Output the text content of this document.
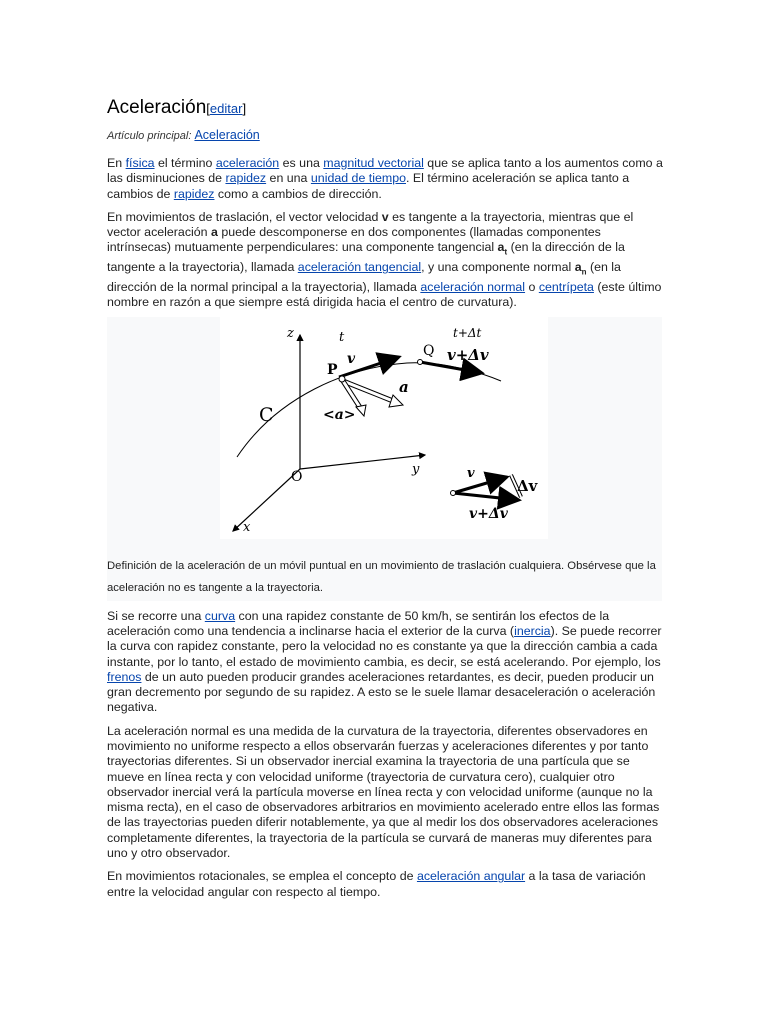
Aceleración[editar]
Artículo principal: Aceleración

En física el término aceleración es una magnitud vectorial que se aplica tanto a los aumentos como a las disminuciones de rapidez en una unidad de tiempo. El término aceleración se aplica tanto a cambios de rapidez como a cambios de dirección.

En movimientos de traslación, el vector velocidad v es tangente a la trayectoria, mientras que el vector aceleración a puede descomponerse en dos componentes (llamadas componentes intrínsecas) mutuamente perpendiculares: una componente tangencial $a_t$ (en la dirección de la tangente a la trayectoria), llamada aceleración tangencial, y una componente normal $a_n$ (en la dirección de la normal principal a la trayectoria), llamada aceleración normal o centrípeta (este último nombre en razón a que siempre está dirigida hacia el centro de curvatura).

z	t	t+Δt
P
Q
v	v+Δv
a
<a>
C
O	y
x
v
Δv
v+Δv
Definición de la aceleración de un móvil puntual en un movimiento de traslación cualquiera. Obsérvese que la aceleración no es tangente a la trayectoria.

Si se recorre una curva con una rapidez constante de 50 km/h, se sentirán los efectos de la aceleración como una tendencia a inclinarse hacia el exterior de la curva (inercia). Se puede recorrer la curva con rapidez constante, pero la velocidad no es constante ya que la dirección cambia a cada instante, por lo tanto, el estado de movimiento cambia, es decir, se está acelerando. Por ejemplo, los frenos de un auto pueden producir grandes aceleraciones retardantes, es decir, pueden producir un gran decremento por segundo de su rapidez. A esto se le suele llamar desaceleración o aceleración negativa.

La aceleración normal es una medida de la curvatura de la trayectoria, diferentes observadores en movimiento no uniforme respecto a ellos observarán fuerzas y aceleraciones diferentes y por tanto trayectorias diferentes. Si un observador inercial examina la trayectoria de una partícula que se mueve en línea recta y con velocidad uniforme (trayectoria de curvatura cero), cualquier otro observador inercial verá la partícula moverse en línea recta y con velocidad uniforme (aunque no la misma recta), en el caso de observadores arbitrarios en movimiento acelerado entre ellos las formas de las trayectorias pueden diferir notablemente, ya que al medir los dos observadores aceleraciones completamente diferentes, la trayectoria de la partícula se curvará de maneras muy diferentes para uno y otro observador.

En movimientos rotacionales, se emplea el concepto de aceleración angular a la tasa de variación entre la velocidad angular con respecto al tiempo.
